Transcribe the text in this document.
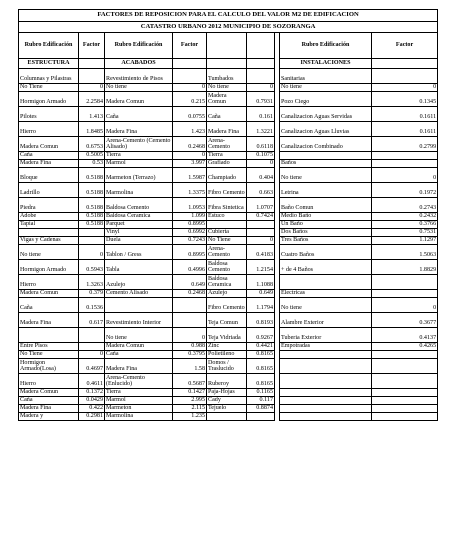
FACTORES DE REPOSICION PARA EL CALCULO DEL VALOR M2 DE EDIFICACION								
CATASTRO URBANO 2012 MUNICIPIO DE SOZORANGA								
Rubro Edificación	Factor	Rubro Edificación	Factor				Rubro Edificación	Factor
ESTRUCTURA		ACABADOS					INSTALACIONES	
Columnas y Pilastras		Revestimiento de Pisos		Tumbados			Sanitarias	
No Tiene	0	No tiene	0	No tiene	0		No tiene	0
Hormigon Armado	2.2584	Madera Comun	0.215	Madera Comun	0.7931		Pozo Ciego	0.1345
Pilotes	1.413	Caña	0.0755	Caña	0.161		Canalizacion Aguas Servidas	0.1611
Hierro	1.8485	Madera Fina	1.423	Madera Fina	1.3221		Canalizacion Aguas Lluvias	0.1611
Madera Comun	0.6753	Arena-Cemento (Cemento Alisado)	0.2468	Arena-Cemento	0.6118		Canalizacion Combinado	0.2799
Caña	0.5005	Tierra	0	Tierra	0.1075			
Madera Fina	0.53	Marmol	3.997	Grafiado	0		Baños	
Bloque	0.5188	Marmeton (Terrazo)	1.5987	Champiado	0.404		No tiene	0
Ladrillo	0.5188	Marmolina	1.3375	Fibro Cemento	0.663		Letrina	0.1972
Piedra	0.5188	Baldosa Cemento	1.0953	Fibra Sintetica	1.0707		Baño Comun	0.2743
Adobe	0.5188	Baldosa Ceramica	1.099	Estuco	0.7424		Medio Baño	0.2432
Tapial	0.5188	Parquet	0.8995				Un Baño	0.3766
		Vinyl	0.6992	Cubierta			Dos Baños	0.7531
Vigas y Cadenas		Duela	0.7243	No Tiene	0		Tres Baños	1.1297
No tiene	0	Tablon / Gress	0.8995	Arena-Cemento	0.4183		Cuatro Baños	1.5063
Hormigon Armado	0.5943	Tabla	0.4996	Baldosa Cemento	1.2154		+ de 4 Baños	1.8829
Hierro	1.3263	Azulejo	0.649	Baldosa Ceramica	1.1088			
Madera Comun	0.379	Cemento Alisado	0.2468	Azulejo	0.649		Electricas	
Caña	0.1536			Fibro Cemento	1.1794		No tiene	0
Madera Fina	0.617	Revestimiento Interior		Teja Comun	0.8193		Alambre Exterior	0.3677
		No tiene	0	Teja Vidriada	0.9267		Tuberia Exterior	0.4137
Entre Pisos		Madera Comun	0.988	Zinc	0.4421		Empotradas	0.4265
No Tiene	0	Caña	0.3795	Polietileno	0.8165			
Hormigon Armado(Losa)	0.4697	Madera Fina	1.58	Domos / Traslucido	0.8165			
Hierro	0.4611	Arena-Cemento (Enlucido)	0.5687	Ruberoy	0.8165			
Madera Comun	0.1372	Tierra	0.1427	Paja-Hojas	0.1165			
Caña	0.0429	Marmol	2.995	Cady	0.117			
Madera Fina	0.422	Marmeton	2.115	Tejuelo	0.8874			
Madera y	0.2981	Marmolina	1.235					
